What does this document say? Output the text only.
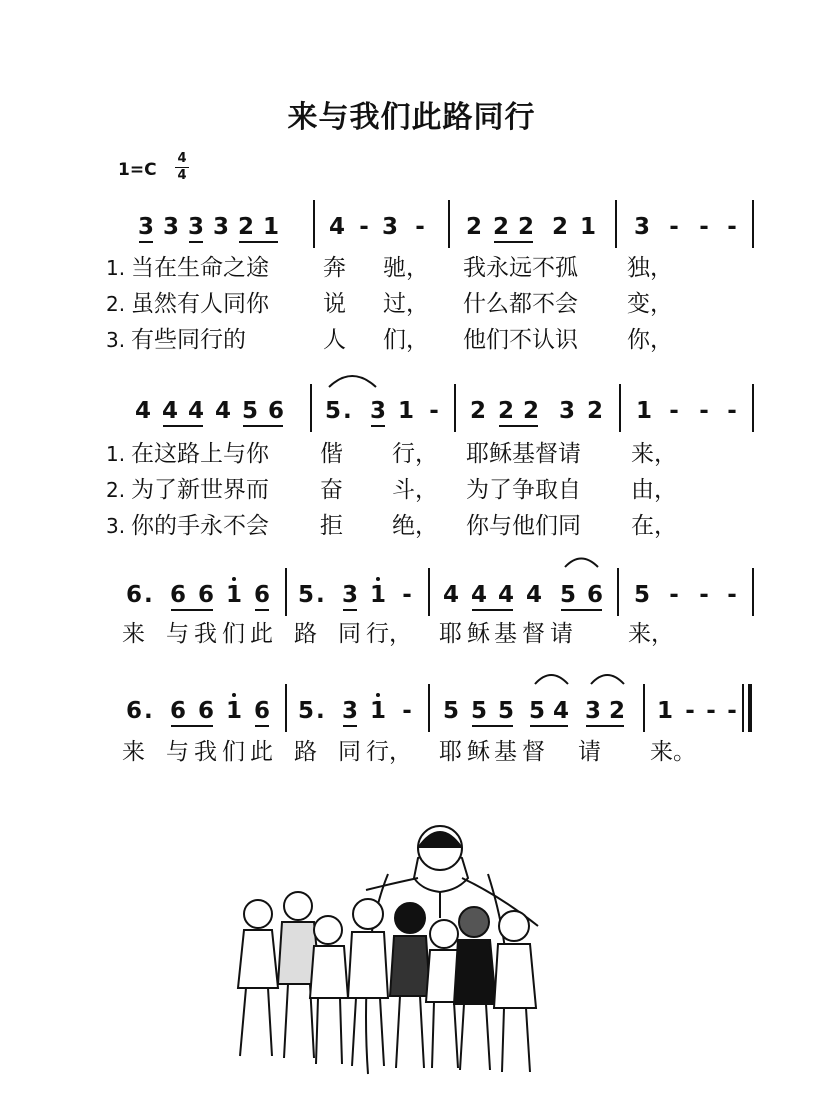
来与我们此路同行
1=C
4
4
3 3 3 3 2 1 4 - 3 - 2 2 2 2 1 3 - - -
1. 当在生命之途 奔 驰， 我永远不孤 独，
2. 虽然有人同你 说 过， 什么都不会 变，
3. 有些同行的	人 们， 他们不认识 你，
4 4 4 4 5 6 5 . 3 1 - 2 2 2 3 2 1 - - -
1. 在这路上与你 偕 行， 耶稣基督请 来，
2. 为了新世界而 奋 斗， 为了争取自 由，
3. 你的手永不会 拒 绝， 你与他们同 在，
6 . 6 6 1 6 5 . 3 1 - 4 4 4 4 5 6 5 - - -
来 与 我 们 此 路 同 行， 耶 稣 基 督 请 来，
6 . 6 6 1 6 5 . 3 1 - 5 5 5 5 4 3 2 1 - - -
来 与 我 们 此 路 同 行， 耶 稣 基 督 请 来。
